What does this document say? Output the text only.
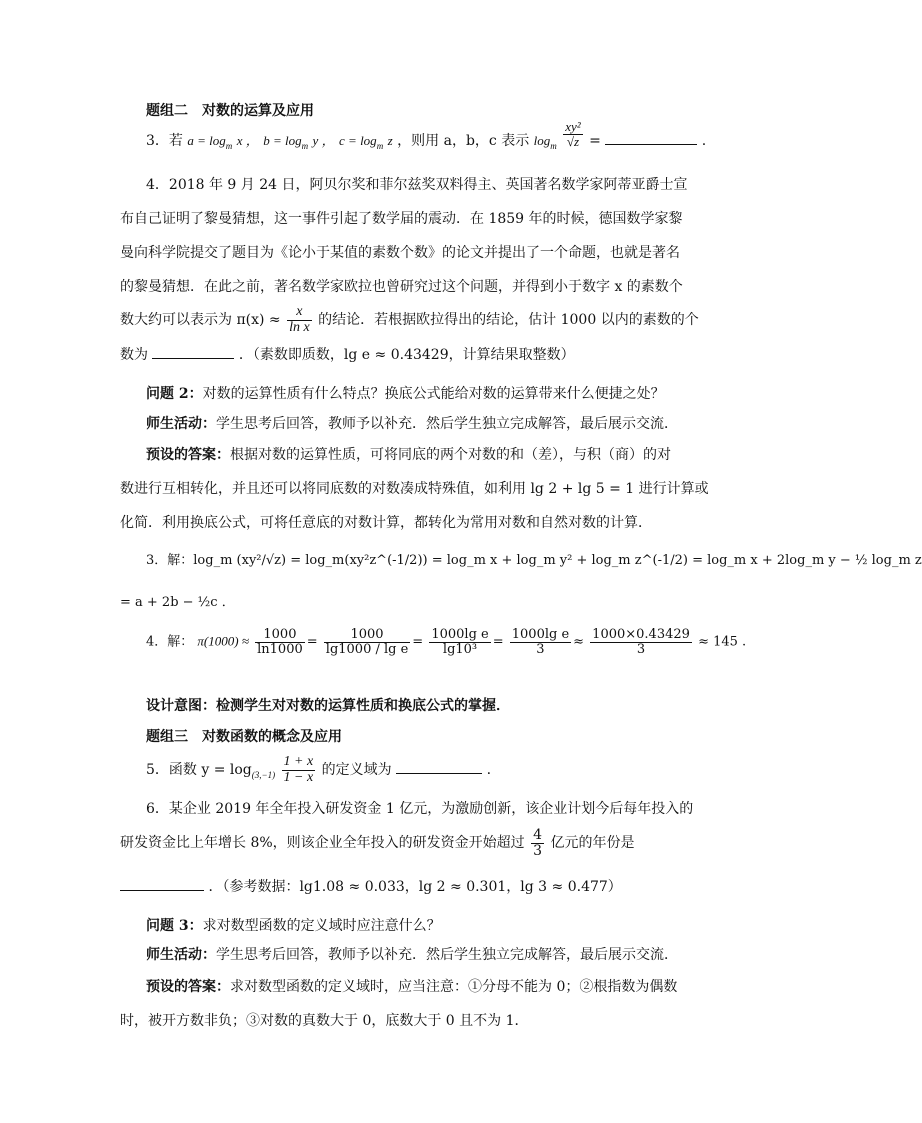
题组二　对数的运算及应用
3．若 $a = \log_m x$ ， $b = \log_m y$ ， $c = \log_m z$ ，则用 a，b，c 表示 $\log_m \frac{\text{xy²}}{√z}$ =	.
4．2018 年 9 月 24 日，阿贝尔奖和菲尔兹奖双料得主、英国著名数学家阿蒂亚爵士宣
布自己证明了黎曼猜想，这一事件引起了数学届的震动．在 1859 年的时候，德国数学家黎
曼向科学院提交了题目为《论小于某值的素数个数》的论文并提出了一个命题，也就是著名
的黎曼猜想．在此之前，著名数学家欧拉也曾研究过这个问题，并得到小于数字 x 的素数个
数大约可以表示为 $\pi(x) \approx \frac{x}{\text{ln x}}$ 的结论．若根据欧拉得出的结论，估计 1000 以内的素数的个
数为	．（素数即质数，lg e ≈ 0.43429，计算结果取整数）
问题 2：对数的运算性质有什么特点？换底公式能给对数的运算带来什么便捷之处？
师生活动：学生思考后回答，教师予以补充．然后学生独立完成解答，最后展示交流．
预设的答案：根据对数的运算性质，可将同底的两个对数的和（差），与积（商）的对
数进行互相转化，并且还可以将同底数的对数凑成特殊值，如利用 lg 2 + lg 5 = 1 进行计算或
化简．利用换底公式，可将任意底的对数计算，都转化为常用对数和自然对数的计算．
3．解：log_m (xy²/√z) = log_m(xy²z^(-1/2)) = log_m x + log_m y² + log_m z^(-1/2) = log_m x + 2log_m y − ½ log_m z
= a + 2b − ½c ．
4．解： $\pi(1000) \approx \frac{1000}{\ln 1000} = \frac{1000}{\text{lg1000 / lg e}} = \frac{\text{1000lg e}}{\text{lg10³}} = \frac{\text{1000lg e}}{3} \approx \frac{1000\times 0.43429}{3} \approx 145$ .
设计意图：检测学生对对数的运算性质和换底公式的掌握．
题组三　对数函数的概念及应用
5．函数 $y = \log_{(3,-1)} \frac{1 + x}{1 - x}$ 的定义域为	.
6．某企业 2019 年全年投入研发资金 1 亿元，为激励创新，该企业计划今后每年投入的
研发资金比上年增长 8%，则该企业全年投入的研发资金开始超过 $\frac{4}{3}$ 亿元的年份是
．（参考数据：lg1.08 ≈ 0.033，lg 2 ≈ 0.301，lg 3 ≈ 0.477）
问题 3：求对数型函数的定义域时应注意什么？
师生活动：学生思考后回答，教师予以补充．然后学生独立完成解答，最后展示交流．
预设的答案：求对数型函数的定义域时，应当注意：①分母不能为 0；②根指数为偶数
时，被开方数非负；③对数的真数大于 0，底数大于 0 且不为 1．
